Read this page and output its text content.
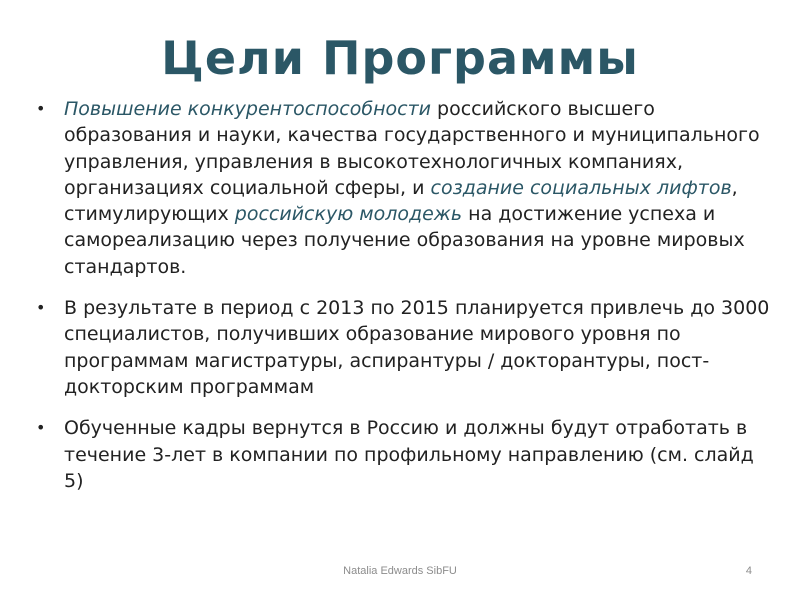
Цели Программы
• Повышение конкурентоспособности российского высшего образования и науки, качества государственного и муниципального управления, управления в высокотехнологичных компаниях, организациях социальной сферы, и создание социальных лифтов, стимулирующих российскую молодежь на достижение успеха и самореализацию через получение образования на уровне мировых стандартов.
• В результате в период с 2013 по 2015 планируется привлечь до 3000 специалистов, получивших образование мирового уровня по программам магистратуры, аспирантуры / докторантуры, пост-докторским программам
• Обученные кадры вернутся в Россию и должны будут отработать в течение 3-лет в компании по профильному направлению (см. слайд 5)
Natalia Edwards SibFU	4
